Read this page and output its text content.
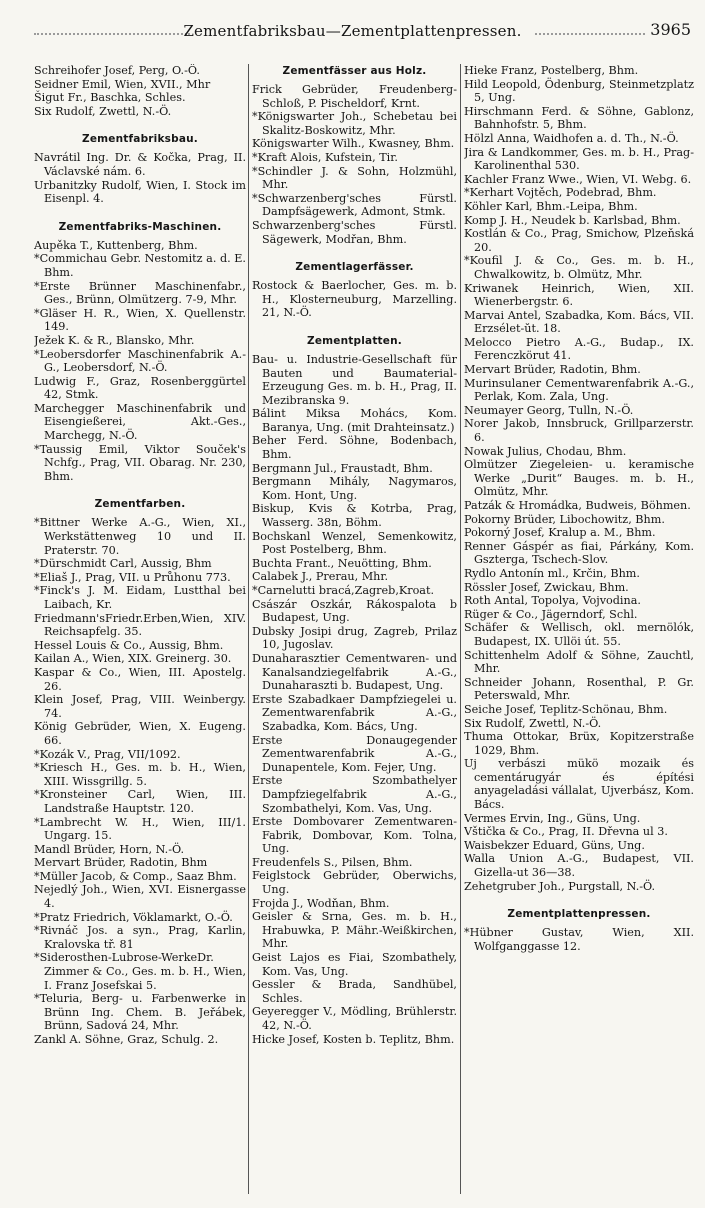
Zementfabriksbau—Zementplattenpressen.	3965
Schreihofer Josef, Perg, O.-Ö.
Seidner Emil, Wien, XVII., Mhr
Šigut Fr., Baschka, Schles.
Six Rudolf, Zwettl, N.-Ö.
Zementfabriksbau.
Navrátil Ing. Dr. & Kočka, Prag, II. Václavské nám. 6.
Urbanitzky Rudolf, Wien, I. Stock im Eisenpl. 4.
Zementfabriks-Maschinen.
Aupěka T., Kuttenberg, Bhm.
*Commichau Gebr. Nestomitz a. d. E. Bhm.
*Erste Brünner Maschinenfabr., Ges., Brünn, Olmützerg. 7-9, Mhr.
*Gläser H. R., Wien, X. Quellenstr. 149.
Ježek K. & R., Blansko, Mhr.
*Leobersdorfer Maschinenfabrik A.-G., Leobersdorf, N.-Ö.
Ludwig F., Graz, Rosenberggürtel 42, Stmk.
Marchegger Maschinenfabrik und Eisengießerei, Akt.-Ges., Marchegg, N.-Ö.
*Taussig Emil, Viktor Souček's Nchfg., Prag, VII. Obarag. Nr. 230, Bhm.
Zementfarben.
*Bittner Werke A.-G., Wien, XI., Werkstättenweg 10 und II. Praterstr. 70.
*Dürschmidt Carl, Aussig, Bhm
*Eliaš J., Prag, VII. u Průhonu 773.
*Finck's J. M. Eidam, Lustthal bei Laibach, Kr.
Friedmann'sFriedr.Erben,Wien, XIV. Reichsapfelg. 35.
Hessel Louis & Co., Aussig, Bhm.
Kailan A., Wien, XIX. Greinerg. 30.
Kaspar & Co., Wien, III. Apostelg. 26.
Klein Josef, Prag, VIII. Weinbergy. 74.
König Gebrüder, Wien, X. Eugeng. 66.
*Kozák V., Prag, VII/1092.
*Kriesch H., Ges. m. b. H., Wien, XIII. Wissgrillg. 5.
*Kronsteiner Carl, Wien, III. Landstraße Hauptstr. 120.
*Lambrecht W. H., Wien, III/1. Ungarg. 15.
Mandl Brüder, Horn, N.-Ö.
Mervart Brüder, Radotin, Bhm
*Müller Jacob, & Comp., Saaz Bhm.
Nejedlý Joh., Wien, XVI. Eisnergasse 4.
*Pratz Friedrich, Vöklamarkt, O.-Ö.
*Rivnáč Jos. a syn., Prag, Karlin, Kralovska tř. 81
*Siderosthen-Lubrose-WerkeDr. Zimmer & Co., Ges. m. b. H., Wien, I. Franz Josefskai 5.
*Teluria, Berg- u. Farbenwerke in Brünn Ing. Chem. B. Jeřábek, Brünn, Sadová 24, Mhr.
Zankl A. Söhne, Graz, Schulg. 2.
Zementfässer aus Holz.
Frick Gebrüder, Freudenberg-Schloß, P. Pischeldorf, Krnt.
*Königswarter Joh., Schebetau bei Skalitz-Boskowitz, Mhr.
Königswarter Wilh., Kwasney, Bhm.
*Kraft Alois, Kufstein, Tir.
*Schindler J. & Sohn, Holzmühl, Mhr.
*Schwarzenberg'sches Fürstl. Dampfsägewerk, Admont, Stmk.
Schwarzenberg'sches Fürstl. Sägewerk, Modřan, Bhm.
Zementlagerfässer.
Rostock & Baerlocher, Ges. m. b. H., Klosterneuburg, Marzelling. 21, N.-Ö.
Zementplatten.
Bau- u. Industrie-Gesellschaft für Bauten und Baumaterial-Erzeugung Ges. m. b. H., Prag, II. Mezibranska 9.
Bálint Miksa Mohács, Kom. Baranya, Ung. (mit Drahteinsatz.)
Beher Ferd. Söhne, Bodenbach, Bhm.
Bergmann Jul., Fraustadt, Bhm.
Bergmann Mihály, Nagymaros, Kom. Hont, Ung.
Biskup, Kvis & Kotrba, Prag, Wasserg. 38n, Böhm.
Bochskanl Wenzel, Semenkowitz, Post Postelberg, Bhm.
Buchta Frant., Neuötting, Bhm.
Calabek J., Prerau, Mhr.
*Carnelutti bracá,Zagreb,Kroat.
Császár Oszkár, Rákospalota b Budapest, Ung.
Dubsky Josipi drug, Zagreb, Prilaz 10, Jugoslav.
Dunaharasztier Cementwaren- und Kanalsandziegelfabrik A.-G., Dunaharaszti b. Budapest, Ung.
Erste Szabadkaer Dampfziegelei u. Zementwarenfabrik A.-G., Szabadka, Kom. Bács, Ung.
Erste Donaugegender Zementwarenfabrik A.-G., Dunapentele, Kom. Fejer, Ung.
Erste Szombathelyer Dampfziegelfabrik A.-G., Szombathelyi, Kom. Vas, Ung.
Erste Dombovarer Zementwaren-Fabrik, Dombovar, Kom. Tolna, Ung.
Freudenfels S., Pilsen, Bhm.
Feiglstock Gebrüder, Oberwichs, Ung.
Frojda J., Wodňan, Bhm.
Geisler & Srna, Ges. m. b. H., Hrabuwka, P. Mähr.-Weißkirchen, Mhr.
Geist Lajos es Fiai, Szombathely, Kom. Vas, Ung.
Gessler & Brada, Sandhübel, Schles.
Geyeregger V., Mödling, Brühlerstr. 42, N.-Ö.
Hicke Josef, Kosten b. Teplitz, Bhm.
Hieke Franz, Postelberg, Bhm.
Hild Leopold, Ödenburg, Steinmetzplatz 5, Ung.
Hirschmann Ferd. & Söhne, Gablonz, Bahnhofstr. 5, Bhm.
Hölzl Anna, Waidhofen a. d. Th., N.-Ö.
Jira & Landkommer, Ges. m. b. H., Prag-Karolinenthal 530.
Kachler Franz Wwe., Wien, VI. Webg. 6.
*Kerhart Vojtěch, Podebrad, Bhm.
Köhler Karl, Bhm.-Leipa, Bhm.
Komp J. H., Neudek b. Karlsbad, Bhm.
Kostlán & Co., Prag, Smichow, Plzeňská 20.
*Koufil J. & Co., Ges. m. b. H., Chwalkowitz, b. Olmütz, Mhr.
Kriwanek Heinrich, Wien, XII. Wienerbergstr. 6.
Marvai Antel, Szabadka, Kom. Bács, VII. Erzsélet-ŭt. 18.
Melocco Pietro A.-G., Budap., IX. Ferenczkörut 41.
Mervart Brüder, Radotin, Bhm.
Murinsulaner Cementwarenfabrik A.-G., Perlak, Kom. Zala, Ung.
Neumayer Georg, Tulln, N.-Ö.
Norer Jakob, Innsbruck, Grillparzerstr. 6.
Nowak Julius, Chodau, Bhm.
Olmützer Ziegeleien- u. keramische Werke „Durit“ Bauges. m. b. H., Olmütz, Mhr.
Patzák & Hromádka, Budweis, Böhmen.
Pokorny Brüder, Libochowitz, Bhm.
Pokorný Josef, Kralup a. M., Bhm.
Renner Gáspér as fiai, Párkány, Kom. Gszterga, Tschech-Slov.
Rydlo Antonín ml., Krčin, Bhm.
Rössler Josef, Zwickau, Bhm.
Roth Antal, Topolya, Vojvodina.
Rüger & Co., Jägerndorf, Schl.
Schäfer & Wellisch, okl. mernölók, Budapest, IX. Ullöi út. 55.
Schittenhelm Adolf & Söhne, Zauchtl, Mhr.
Schneider Johann, Rosenthal, P. Gr. Peterswald, Mhr.
Seiche Josef, Teplitz-Schönau, Bhm.
Six Rudolf, Zwettl, N.-Ö.
Thuma Ottokar, Brüx, Kopitzerstraße 1029, Bhm.
Uj verbászi mükö mozaik és cementárugyár és építési anyageladási vállalat, Ujverbász, Kom. Bács.
Vermes Ervin, Ing., Güns, Ung.
Vštička & Co., Prag, II. Dřevna ul 3.
Waisbekzer Eduard, Güns, Ung.
Walla Union A.-G., Budapest, VII. Gizella-ut 36—38.
Zehetgruber Joh., Purgstall, N.-Ö.
Zementplattenpressen.
*Hübner Gustav, Wien, XII. Wolfganggasse 12.
